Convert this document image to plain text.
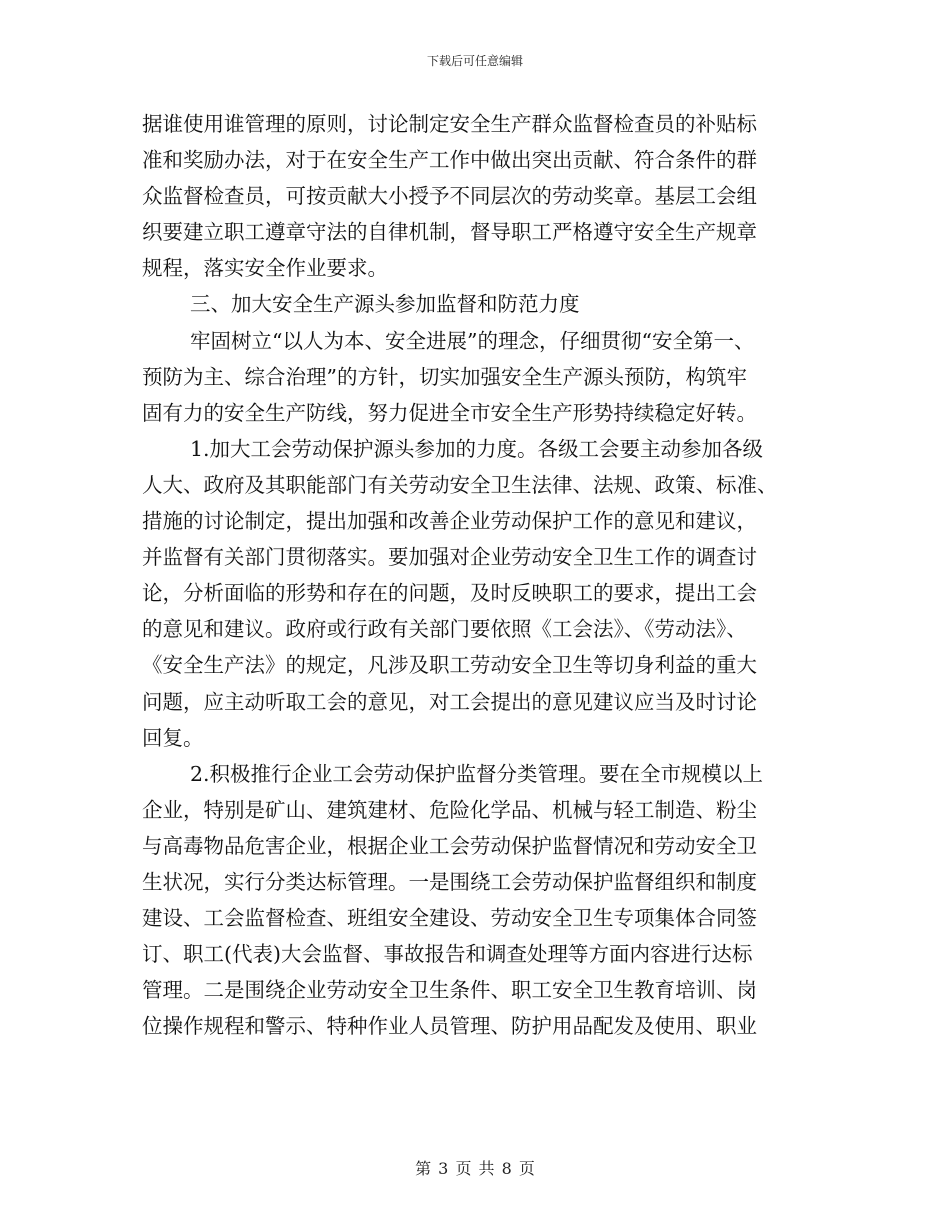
下载后可任意编辑
据谁使用谁管理的原则，讨论制定安全生产群众监督检查员的补贴标
准和奖励办法，对于在安全生产工作中做出突出贡献、符合条件的群
众监督检查员，可按贡献大小授予不同层次的劳动奖章。基层工会组
织要建立职工遵章守法的自律机制，督导职工严格遵守安全生产规章
规程，落实安全作业要求。
三、加大安全生产源头参加监督和防范力度
牢固树立“以人为本、安全进展”的理念，仔细贯彻“安全第一、
预防为主、综合治理”的方针，切实加强安全生产源头预防，构筑牢
固有力的安全生产防线，努力促进全市安全生产形势持续稳定好转。
1.加大工会劳动保护源头参加的力度。各级工会要主动参加各级
人大、政府及其职能部门有关劳动安全卫生法律、法规、政策、标准、
措施的讨论制定，提出加强和改善企业劳动保护工作的意见和建议，
并监督有关部门贯彻落实。要加强对企业劳动安全卫生工作的调查讨
论，分析面临的形势和存在的问题，及时反映职工的要求，提出工会
的意见和建议。政府或行政有关部门要依照《工会法》、《劳动法》、
《安全生产法》的规定，凡涉及职工劳动安全卫生等切身利益的重大
问题，应主动听取工会的意见，对工会提出的意见建议应当及时讨论
回复。
2.积极推行企业工会劳动保护监督分类管理。要在全市规模以上
企业，特别是矿山、建筑建材、危险化学品、机械与轻工制造、粉尘
与高毒物品危害企业，根据企业工会劳动保护监督情况和劳动安全卫
生状况，实行分类达标管理。一是围绕工会劳动保护监督组织和制度
建设、工会监督检查、班组安全建设、劳动安全卫生专项集体合同签
订、职工(代表)大会监督、事故报告和调查处理等方面内容进行达标
管理。二是围绕企业劳动安全卫生条件、职工安全卫生教育培训、岗
位操作规程和警示、特种作业人员管理、防护用品配发及使用、职业
第 3 页 共 8 页
